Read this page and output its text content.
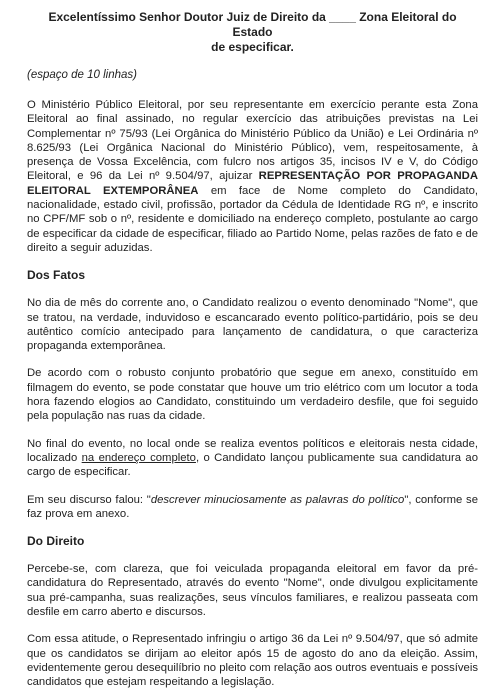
Excelentíssimo Senhor Doutor Juiz de Direito da ____ Zona Eleitoral do Estado
de especificar.
(espaço de 10 linhas)

O Ministério Público Eleitoral, por seu representante em exercício perante esta Zona Eleitoral ao final assinado, no regular exercício das atribuições previstas na Lei Complementar nº 75/93 (Lei Orgânica do Ministério Público da União) e Lei Ordinária nº 8.625/93 (Lei Orgânica Nacional do Ministério Público), vem, respeitosamente, à presença de Vossa Excelência, com fulcro nos artigos 35, incisos IV e V, do Código Eleitoral, e 96 da Lei nº 9.504/97, ajuizar REPRESENTAÇÃO POR PROPAGANDA ELEITORAL EXTEMPORÂNEA em face de Nome completo do Candidato, nacionalidade, estado civil, profissão, portador da Cédula de Identidade RG nº, e inscrito no CPF/MF sob o nº, residente e domiciliado na endereço completo, postulante ao cargo de especificar da cidade de especificar, filiado ao Partido Nome, pelas razões de fato e de direito a seguir aduzidas.

Dos Fatos

No dia de mês do corrente ano, o Candidato realizou o evento denominado "Nome", que se tratou, na verdade, induvidoso e escancarado evento político-partidário, pois se deu autêntico comício antecipado para lançamento de candidatura, o que caracteriza propaganda extemporânea.

De acordo com o robusto conjunto probatório que segue em anexo, constituído em filmagem do evento, se pode constatar que houve um trio elétrico com um locutor a toda hora fazendo elogios ao Candidato, constituindo um verdadeiro desfile, que foi seguido pela população nas ruas da cidade.

No final do evento, no local onde se realiza eventos políticos e eleitorais nesta cidade, localizado na endereço completo, o Candidato lançou publicamente sua candidatura ao cargo de especificar.

Em seu discurso falou: "descrever minuciosamente as palavras do político", conforme se faz prova em anexo.

Do Direito

Percebe-se, com clareza, que foi veiculada propaganda eleitoral em favor da pré-candidatura do Representado, através do evento "Nome", onde divulgou explicitamente sua pré-campanha, suas realizações, seus vínculos familiares, e realizou passeata com desfile em carro aberto e discursos.

Com essa atitude, o Representado infringiu o artigo 36 da Lei nº 9.504/97, que só admite que os candidatos se dirijam ao eleitor após 15 de agosto do ano da eleição. Assim, evidentemente gerou desequilíbrio no pleito com relação aos outros eventuais e possíveis candidatos que estejam respeitando a legislação.
